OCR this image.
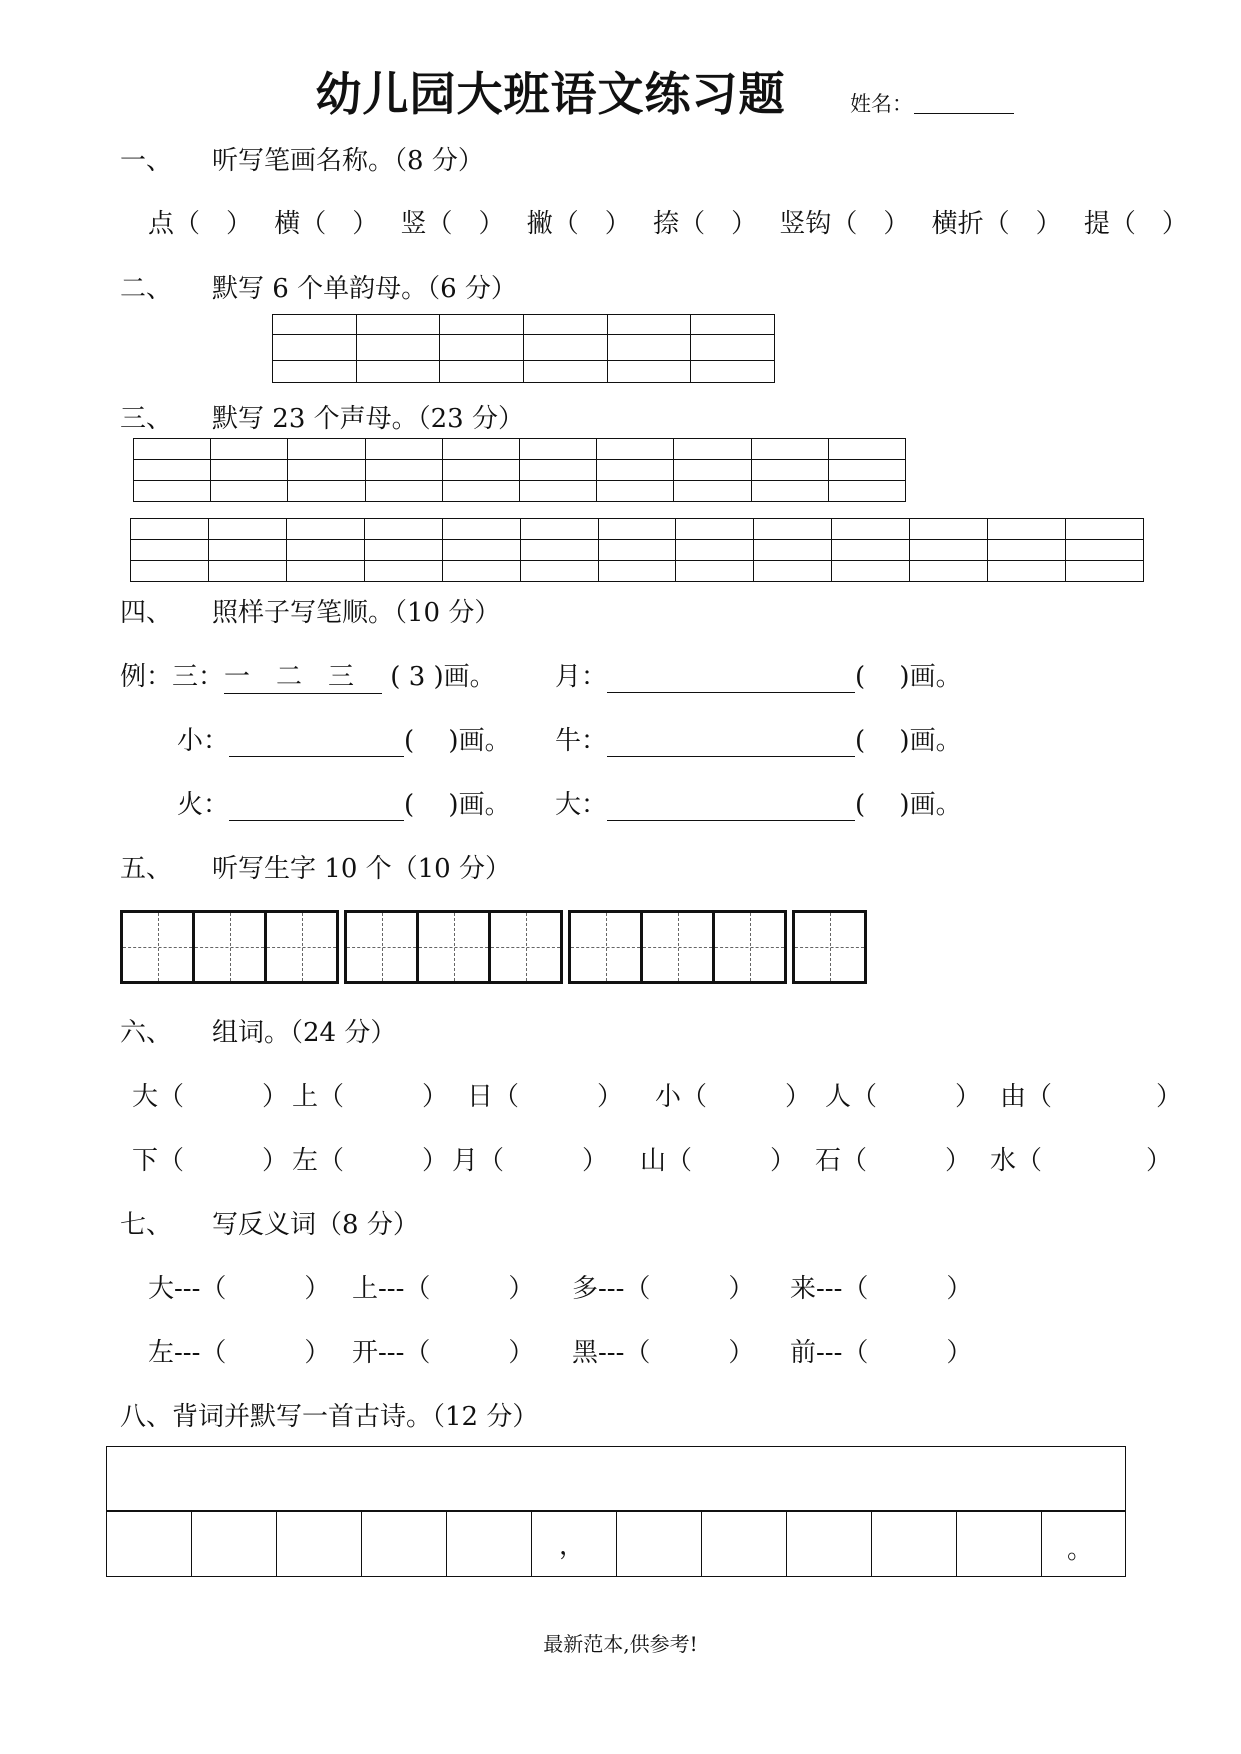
幼儿园大班语文练习题	姓名：
一、 听写笔画名称。（8 分）
点（　） 横（　） 竖（　） 撇（　） 捺（　） 竖钩（　） 横折（　） 提（　）
二、 默写 6 个单韵母。（6 分）

三、 默写 23 个声母。（23 分）

四、 照样子写笔顺。（10 分）
例：三：一　二　三 ( 3 )画。 月：	(　 )画。
小：	(　 )画。 牛：	(　 )画。
火：	(　 )画。 大：	(　 )画。
五、 听写生字 10 个（10 分）
六、 组词。（24 分）
大（　　　） 上（　　　） 日（　　　） 小（　　　） 人（　　　） 由（　　　　）
下（　　　） 左（　　　） 月（　　　） 山（　　　） 石（　　　） 水（　　　　）
七、 写反义词（8 分）
大---（　　　） 上---（　　　） 多---（　　　） 来---（　　　）
左---（　　　） 开---（　　　） 黑---（　　　） 前---（　　　）
八、背词并默写一首古诗。（12 分）
，	。
最新范本,供参考!
